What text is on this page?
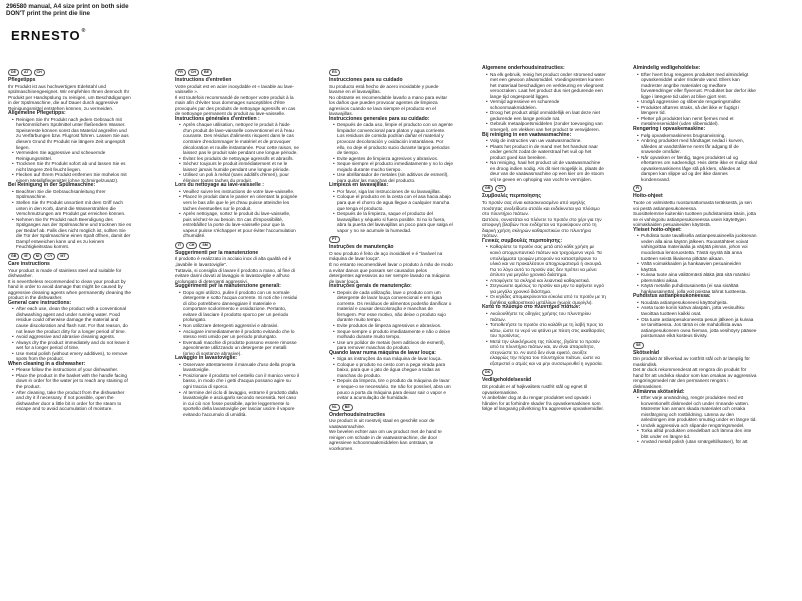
296580 manual, A4 size print on both side
DON'T print the print die line
ERNESTO®
DE	AT	CH

Pflegetipps

Ihr Produkt ist aus hochwertigem Edelstahl und spülmaschinengeeignet. Wir empfehlen Ihnen dennoch Ihr Produkt per Handspülung zu reinigen, um Beschädigungen in der Spülmaschine, die auf Dauer durch aggressive Reinigungsmittel entstehen können, zu vermeiden.

Allgemeine Pflegetipps:

• Reinigen Sie Ihr Produkt nach jedem Gebrauch mit herkömmlichem Spülmittel unter fließendem Wasser. Speisereste können sonst das Material angreifen und zu Verfärbungen bzw. Flugrost führen. Lassen Sie aus diesem Grund Ihr Produkt nie längere Zeit ungespült liegen.
• Vermeiden Sie aggressive und scheuernde Reinigungsmittel.
• Trocknen Sie Ihr Produkt sofort ab und lassen Sie es nicht längere Zeit feucht liegen.
• Flecken auf Ihrem Produkt entfernen Sie mühelos mit einem Metallpflegemittel (ohne Schmirgelzusatz).

Bei Reinigung in der Spülmaschine:

• Beachten Sie die Gebrauchsanleitung Ihrer Spülmaschine.
• Stellen Sie Ihr Produkt unsortiert mit dem Griff nach unten in den Korb, damit die Wasserstrahlen die Verschmutzungen am Produkt gut erreichen können.
• Nehmen Sie Ihr Produkt nach Beendigung des Spülganges aus der Spülmaschine und trocknen Sie es per Bedarf ab. Falls dies nicht möglich ist, sollten Sie die Tür der Spülmaschine einen Spalt öffnen, damit der Dampf entweichen kann und es zu keinem Feuchtigkeitsstau kommt.
GB	IE	NI	CY	MT

Care instructions

Your product is made of stainless steel and suitable for dishwasher.

It is nevertheless recommended to clean your product by hand in order to avoid damage that might be caused by aggressive cleaning agents when permanently cleaning the product in the dishwasher.

General care instructions:

• After each use, clean the product with a conventional dishwashing agent and under running water. Food residue could otherwise damage the material and cause discoloration and flash rust. For that reason, do not leave the product dirty for a longer period of time.
• Avoid aggressive and abrasive cleaning agents.
• Always dry the product immediately and do not leave it wet for a longer period of time.
• Use metal polish (without emery additives), to remove spots from the product.

When cleaning in a dishwasher:

• Please follow the instructions of your dishwasher.
• Place the product in the basket with the handle facing down in order for the water jet to reach any staining of the product.
• After cleaning, take the product from the dishwasher and dry it if necessary. If not possible, open the dishwasher door a little bit in order for the steam to escape and to avoid accumulation of moisture.
FR	CH	BE

Instructions d'entretien

Votre produit est en acier inoxydable et « lavable au lave-vaisselle ».

Il est toutefois recommandé de nettoyer votre produit à la main afin d'éviter tous dommages susceptibles d'être provoqués par des produits de nettoyage agressifs en cas de nettoyage permanent du produit au lave-vaisselle.

Instructions générales d'entretien :

• Après chaque utilisation, nettoyez le produit à l'aide d'un produit de lave-vaisselle conventionnel et à l'eau courante. Des résidus d'aliments risquent dans le cas contraire d'endommager le matériel et de provoquer décoloration et rouille instantanée. Pour cette raison, ne laissez pas le produit sale pendant une longue période.
• Évitez les produits de nettoyage agressifs et abrasifs.
• Séchez toujours le produit immédiatement et ne le laissez jamais humide pendant une longue période.
• Utilisez un poli à métal (sans additifs d'émeri), pour éliminer toutes taches du produit.

Lors du nettoyage au lave-vaisselle :

• Veuillez suivre les instructions de votre lave-vaisselle.
• Placez le produit dans le panier en orientant la poignée vers le bas afin que le jet d'eau puisse atteindre les taches éventuelles sur le produit.
• Après nettoyage, sortez le produit du lave-vaisselle, puis séchez-le au besoin. En cas d'impossibilité, entrebâillez la porte du lave-vaisselle pour que la vapeur puisse s'échapper et pour éviter l'accumulation d'humidité.
IT	CH	SM

Suggerimenti per la manutenzione

Il prodotto è realizzato in acciaio inox di alta qualità ed è „lavabile in lavastoviglie".

Tuttavia, si consiglia di lavare il prodotto a mano, al fine di evitare danni dovuti al lavaggio in lavastoviglie e all'uso prolungato di detergenti aggressivi.

Suggerimenti per la manutenzione generali:

• Dopo ogni utilizzo, pulire il prodotto con un normale detergente e sotto l'acqua corrente. Si noti che i residui di cibo potrebbero danneggiare il materiale e comportare scolorimento e ossidazione. Pertanto, evitare di lasciare il prodotto sporco per un periodo prolungato.
• Non utilizzare detergenti aggressivi e abrasivi.
• Asciugare immediatamente il prodotto evitando che lo stesso resti umido per un periodo prolungato.
• Eventuali macchie di prodotto possono essere rimosse agevolmente utilizzando un detergente per metalli (privo di sostanze abrasive).

Lavaggio in lavastoviglie:

• Osservare attentamente il manuale d'uso della propria lavastoviglie.
• Posizionare il prodotto nel cestello con il manico verso il basso, in modo che i getti d'acqua possano agire su ogni traccia di sporco.
• Al termine del ciclo di lavaggio, estrarre il prodotto dalla lavastoviglie e asciugarlo secondo necessità. Nel caso in cui ciò non fosse possibile, aprire leggermente lo sportello della lavastoviglie per lasciar uscire il vapore evitando l'accumulo di umidità.
ES

Instrucciones para su cuidado

Su producto está hecho de acero inoxidable y puede lavarse en el lavavajillas.

No obstante es recomendable lavarlo a mano para evitar los daños que pueden provocar agentes de limpieza agresivos cuando se lava siempre el producto en el lavavajillas.

Instrucciones generales para su cuidado:

• Después de cada uso, limpie el producto con un agente limpiador convencional para platos y agua corriente. Los residuos de comida podrían dañar el material y provocar decoloración y oxidación instantánea. Por ello, no deje el producto sucio durante largos periodos de tiempo.
• Evite agentes de limpieza agresivos y abrasivos.
• Seque siempre el producto inmediatamente y no lo deje mojado durante mucho tiempo.
• Use abrillantador de metales (sin aditivos de esmeril), para quitar las manchas del producto.

Limpieza en lavavajillas:

• Por favor, siga las instrucciones de su lavavajillas.
• Coloque el producto en la cesta con el asa hacia abajo para que el chorro de agua llegue a cualquier mancha que tenga el producto.
• Después de la limpieza, saque el producto del lavavajillas y séquelo si fuera posible. Si no lo fuera, abra la puerta del lavavajillas un poco para que salga el vapor y no se acumule la humedad.
PT

Instruções de manutenção

O seu produto é feito de aço inoxidável e é "lavável na máquina de lavar louça".

É no entanto recomendável lavar o produto à mão de modo a evitar danos que possam ser causados pelos detergentes agressivos ao ser sempre lavado na máquina de lavar louça.

Instruções gerais de manutenção:

• Depois de cada utilização, lave o produto com um detergente de lavar louça convencional e em água corrente. Os resíduos de alimentos poderão danificar o material e causar descoloração e manchas de ferrugem. Por esse motivo, não deixe o produto sujo durante muito tempo.
• Evite produtos de limpeza agressivos e abrasivos.
• Seque sempre o produto imediatamente e não o deixe molhado durante muito tempo.
• Use um polidor de metais (sem aditivos de esmeril), para remover manchas do produto.

Quando lavar numa máquina de lavar louça:

• Siga as instruções da sua máquina de lavar louça.
• Coloque o produto no cesto com a pega virada para baixo, para que o jato de água chegue a todas as manchas do produto.
• Depois da limpeza, tire o produto da máquina de lavar e seque-o se necessário. Se não for possível, abra um pouco a porta da máquina para deixar sair o vapor e evitar a acumulação de humidade.
NL	BE

Onderhoudsinstructies

Uw product is uit roestvrij staal en geschikt voor de vaatwasmachine.

We bevelen echter aan om uw product met de hand te reinigen om schade in de vaatwasmachine, die door agressieve schoonmaakmiddelen kan ontstaan, te voorkomen.

Algemene onderhoudsinstructies:

• Na elk gebruik, reinig het product onder stromend water met een gewoon afwasmiddel. Voedingsresten kunnen het materiaal beschadigen en verkleuring en vliegroest veroorzaken. Laat het product dus niet gedurende een lange tijd ongespoeld liggen.
• Vermijd agressieve en schurende schoonmaakmiddelen.
• Droog het product altijd onmiddellijk en laat deze niet gedurende een lange periode nat.
• Gebruik metaalpoetsmiddelen (zonder toevoeging van smergel), om vlekken van het product te verwijderen.

Bij reiniging in een vaatwasmachine:

• Volg de instructies van uw vaatwasmachine.
• Plaats het product in de mand met het handvat naar onder gericht zodat de waterstraal het vuil op het product goed kan bereiken.
• Na reiniging, haal het product uit de vaatwasmachine en droog indien nodig. Als dit niet mogelijk is, plaats de deur van de vaatwasmachine op een kier om de stoom vrij te geven en ophoping van vocht te vermijden.
GR	CY

Συμβουλές περιποίησης

Το προϊόν σας είναι κατασκευασμένο από υψηλής ποιότητας ανοξείδωτο ατσάλι και ενδείκνυται για πλύσιμο στο πλυντήριο πιάτων.

Ωστόσο, συνιστάται να πλένετε το προϊόν στο χέρι για την αποφυγή βλαβών που ενδέχεται να προκύψουν από τη διαρκή χρήση σκληρών καθαριστικών στο πλυντήριο πιάτων.

Γενικές συμβουλές περιποίησης:

• Καθαρίστε το προϊόν σας μετά από κάθε χρήση με κοινό απορρυπαντικό πιάτων και τρεχούμενο νερό. Τα υπολείμματα τροφών μπορούν να καταστρέψουν το υλικό και να προκαλέσουν αποχρωματισμό ή σκουριά. Για το λόγο αυτό το προϊόν σας δεν πρέπει να μένει άπλυτο για μεγάλο χρονικό διάστημα.
• Αποφύγετε τα σκληρά και λειαντικά καθαριστικά.
• Στεγνώνετε αμέσως το προϊόν και μην το αφήνετε υγρό για μεγάλο χρονικό διάστημα.
• Οι κηλίδες απομακρύνονται εύκολα από το προϊόν με τη βοήθεια καθαριστικού μετάλλων (χωρίς σμυρίγλι).

Κατά το πλύσιμο στο πλυντήριο πιάτων:

• Ακολουθήστε τις οδηγίες χρήσης του πλυντηρίου πιάτων.
• Τοποθετήστε το προϊόν στο καλάθι με τη λαβή προς τα κάτω, ώστε το νερό να φτάνει με πίεση στις ακαθαρσίες του προϊόντος.
• Μετά την ολοκλήρωση της πλύσης, βγάλτε το προϊόν από το πλυντήριο πιάτων και, αν είναι απαραίτητο, στεγνώστε το. Αν αυτό δεν είναι εφικτό, ανοίξτε ελαφρώς την πόρτα του πλυντηρίου πιάτων, ώστε να εξατμιστεί ο ατμός και να μην συσσωρευθεί η υγρασία.
DK

Vedligeholdelsesråd

Dit produkt er af højkvalitets rustfrit stål og egnet til opvaskemaskine.

Vi anbefaler dog at du rengør produktet ved opvask i hånden for at forhindre skader fra opvaskemaskinen som følge af langvarig påvirkning fra aggressive opvaskemidler.

Almindelig vedligeholdelse:

• Efter hvert brug rengøres produktet med almindeligt opvaskemiddel under rindende vand. Ellers kan madrester angribe materialet og medføre farveændringer eller flyverust. Produktet bør derfor ikke ligge i længere tid uden at blive gjort rent.
• Undgå aggressive og slibende rengøringsmidler.
• Produktet aftørres straks, så det ikke er fugtigt i længere tid.
• Pletter på produktet kan nemt fjernes med et metalrensemiddel (uden slibemiddel).

Rengøring i opvaskemaskine:

• Følg opvaskemaskinens brugsanvisning.
• Anbring produktet med håndtaget nedad i kurven, således at vandstrålerne nemt får adgang til de snavsede områder.
• Når opvasken er færdig, tages produktet ud og eftertørres om nødvendigt. Hvis dette ikke er muligt skal opvaskemaskinens låge stå på klem, således at dampen kan slippe ud og der ikke dannes kondensvand.
FI

Hoito-ohjeet

Tuote on valmistettu ruostumattomasta teräksestä, ja sen voi pestä astianpesukoneessa.

Suosittelemme kuitenkin tuotteen puhdistamista käsin, jotta se ei vahingoitu astianpesukoneessa usein käytettyjen voimakkaiden pesuaineiden käytöstä.

Yleiset hoito-ohjeet:

• Puhdista tuote tavallisella astianpesuaineella juoksevan veden alla aina käytön jälkeen. Ruoantähteet voivat vahingoittaa materiaalia ja värjätä pinnan, johon voi muodostua lentoruostetta. Tästä syystä älä anna tuotteen seistä likaisena pitkään aikaan.
• Vältä voimakkaiden ja hankaavien pesuaineiden käyttöä.
• Kuivaa tuote aina välittömästi äläkä jätä sitä märäksi pitemmäksi aikaa.
• Käytä metallin puhdistusainetta (ei saa sisältää hankausainetta), jolla voit poistaa tahrat tuotteesta.

Puhdistus astianpesukoneessa:

• Noudata astianpesukoneesi käyttöohjeita.
• Aseta tuote koriin kahva alaspäin, jotta vesisuihku tavoittaa tuotteen kaikki osat.
• Ota tuote astianpesukoneesta pesun jälkeen ja kuivaa se tarvittaessa. Jos tämä ei ole mahdollista avaa astianpesukoneen ovea hieman, jotta vesihöyry pääsee poistumaan eikä kosteus tiivisty.
SE

Skötselråd

Din produkt är tillverkad av rostfritt stål och är lämplig för maskindisk.

Det är dock rekommenderat att rengöra din produkt för hand för att undvika skador som kan orsakas av aggressiva rengöringsmedel när den permanent rengörs i diskmaskinen.

Allmänna skötselråd:

• Efter varje användning, rengör produkten med ett konventionellt diskmedel och under rinnande vatten. Matrester kan annars skada materialet och orsaka missfärgning och rostbildning. Lämna av den anledningen inte produkten smutsig under en längre tid.
• Undvik aggressiva och slipande rengöringsmedel.
• Torka alltid produkten omedelbart och lämna den inte blöt under en längre tid.
• Använd metall polish (utan smärgeltillsatser), för att
